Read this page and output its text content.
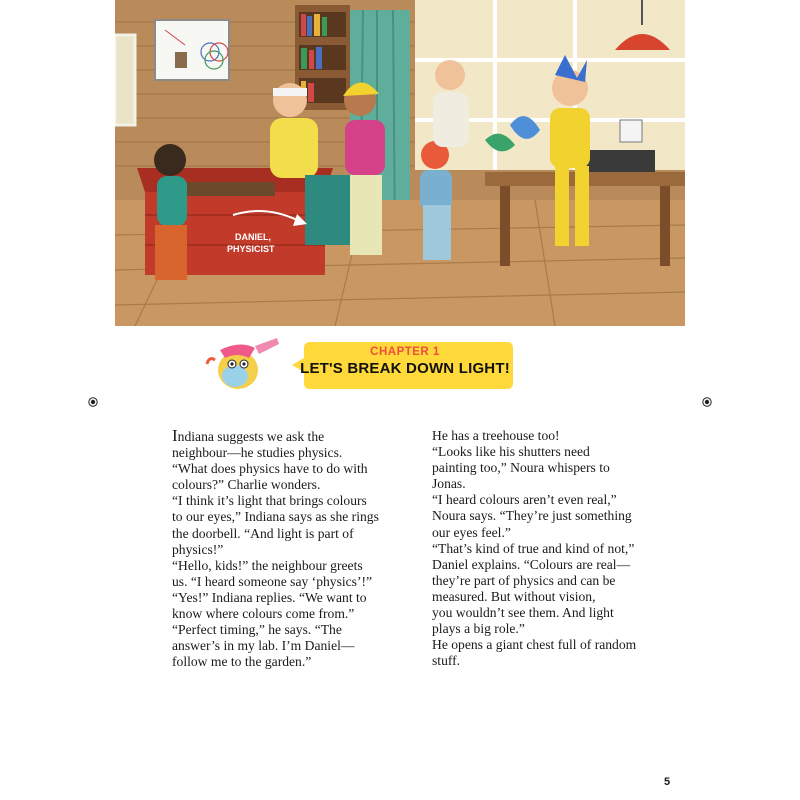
DANIEL,
PHYSICIST
CHAPTER 1
LET'S BREAK DOWN LIGHT!

Indiana suggests we ask the

neighbour—he studies physics.

“What does physics have to do with

colours?” Charlie wonders.

“I think it’s light that brings colours

to our eyes,” Indiana says as she rings

the doorbell. “And light is part of

physics!”

“Hello, kids!” the neighbour greets

us. “I heard someone say ‘physics’!”

“Yes!” Indiana replies. “We want to

know where colours come from.”

“Perfect timing,” he says. “The

answer’s in my lab. I’m Daniel—

follow me to the garden.”

He has a treehouse too!

“Looks like his shutters need

painting too,” Noura whispers to

Jonas.

“I heard colours aren’t even real,”

Noura says. “They’re just something

our eyes feel.”

“That’s kind of true and kind of not,”

Daniel explains. “Colours are real—

they’re part of physics and can be

measured. But without vision,

you wouldn’t see them. And light

plays a big role.”

He opens a giant chest full of random

stuff.

5
